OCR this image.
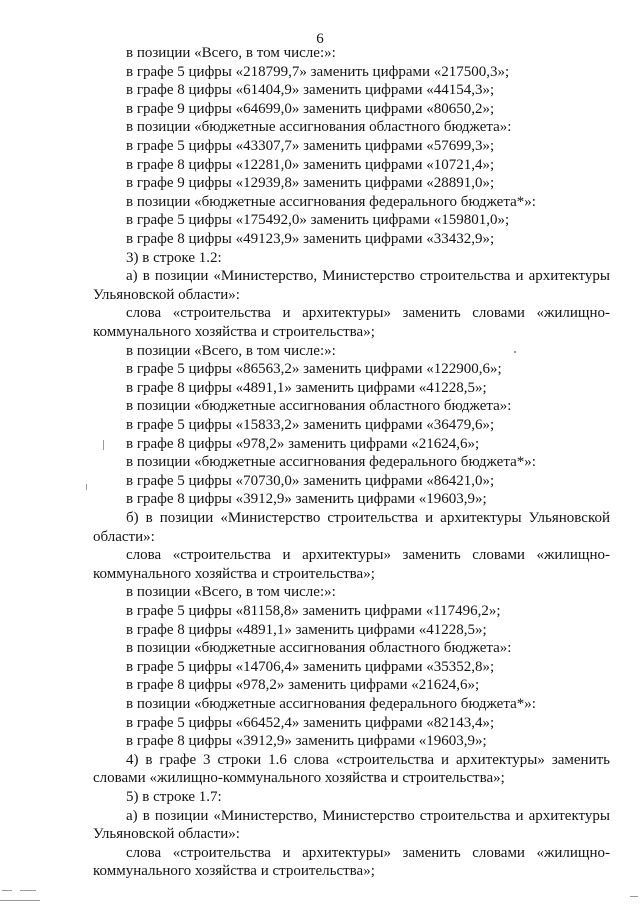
6

в позиции «Всего, в том числе:»:

в графе 5 цифры «218799,7» заменить цифрами «217500,3»;

в графе 8 цифры «61404,9» заменить цифрами «44154,3»;

в графе 9 цифры «64699,0» заменить цифрами «80650,2»;

в позиции «бюджетные ассигнования областного бюджета»:

в графе 5 цифры «43307,7» заменить цифрами «57699,3»;

в графе 8 цифры «12281,0» заменить цифрами «10721,4»;

в графе 9 цифры «12939,8» заменить цифрами «28891,0»;

в позиции «бюджетные ассигнования федерального бюджета*»:

в графе 5 цифры «175492,0» заменить цифрами «159801,0»;

в графе 8 цифры «49123,9» заменить цифрами «33432,9»;

3) в строке 1.2:

а) в позиции «Министерство, Министерство строительства и архитектуры

Ульяновской области»:

слова «строительства и архитектуры» заменить словами «жилищно-

коммунального хозяйства и строительства»;

в позиции «Всего, в том числе:»:

в графе 5 цифры «86563,2» заменить цифрами «122900,6»;

в графе 8 цифры «4891,1» заменить цифрами «41228,5»;

в позиции «бюджетные ассигнования областного бюджета»:

в графе 5 цифры «15833,2» заменить цифрами «36479,6»;

в графе 8 цифры «978,2» заменить цифрами «21624,6»;

в позиции «бюджетные ассигнования федерального бюджета*»:

в графе 5 цифры «70730,0» заменить цифрами «86421,0»;

в графе 8 цифры «3912,9» заменить цифрами «19603,9»;

б) в позиции «Министерство строительства и архитектуры Ульяновской

области»:

слова «строительства и архитектуры» заменить словами «жилищно-

коммунального хозяйства и строительства»;

в позиции «Всего, в том числе:»:

в графе 5 цифры «81158,8» заменить цифрами «117496,2»;

в графе 8 цифры «4891,1» заменить цифрами «41228,5»;

в позиции «бюджетные ассигнования областного бюджета»:

в графе 5 цифры «14706,4» заменить цифрами «35352,8»;

в графе 8 цифры «978,2» заменить цифрами «21624,6»;

в позиции «бюджетные ассигнования федерального бюджета*»:

в графе 5 цифры «66452,4» заменить цифрами «82143,4»;

в графе 8 цифры «3912,9» заменить цифрами «19603,9»;

4) в графе 3 строки 1.6 слова «строительства и архитектуры» заменить

словами «жилищно-коммунального хозяйства и строительства»;

5) в строке 1.7:

а) в позиции «Министерство, Министерство строительства и архитектуры

Ульяновской области»:

слова «строительства и архитектуры» заменить словами «жилищно-

коммунального хозяйства и строительства»;
